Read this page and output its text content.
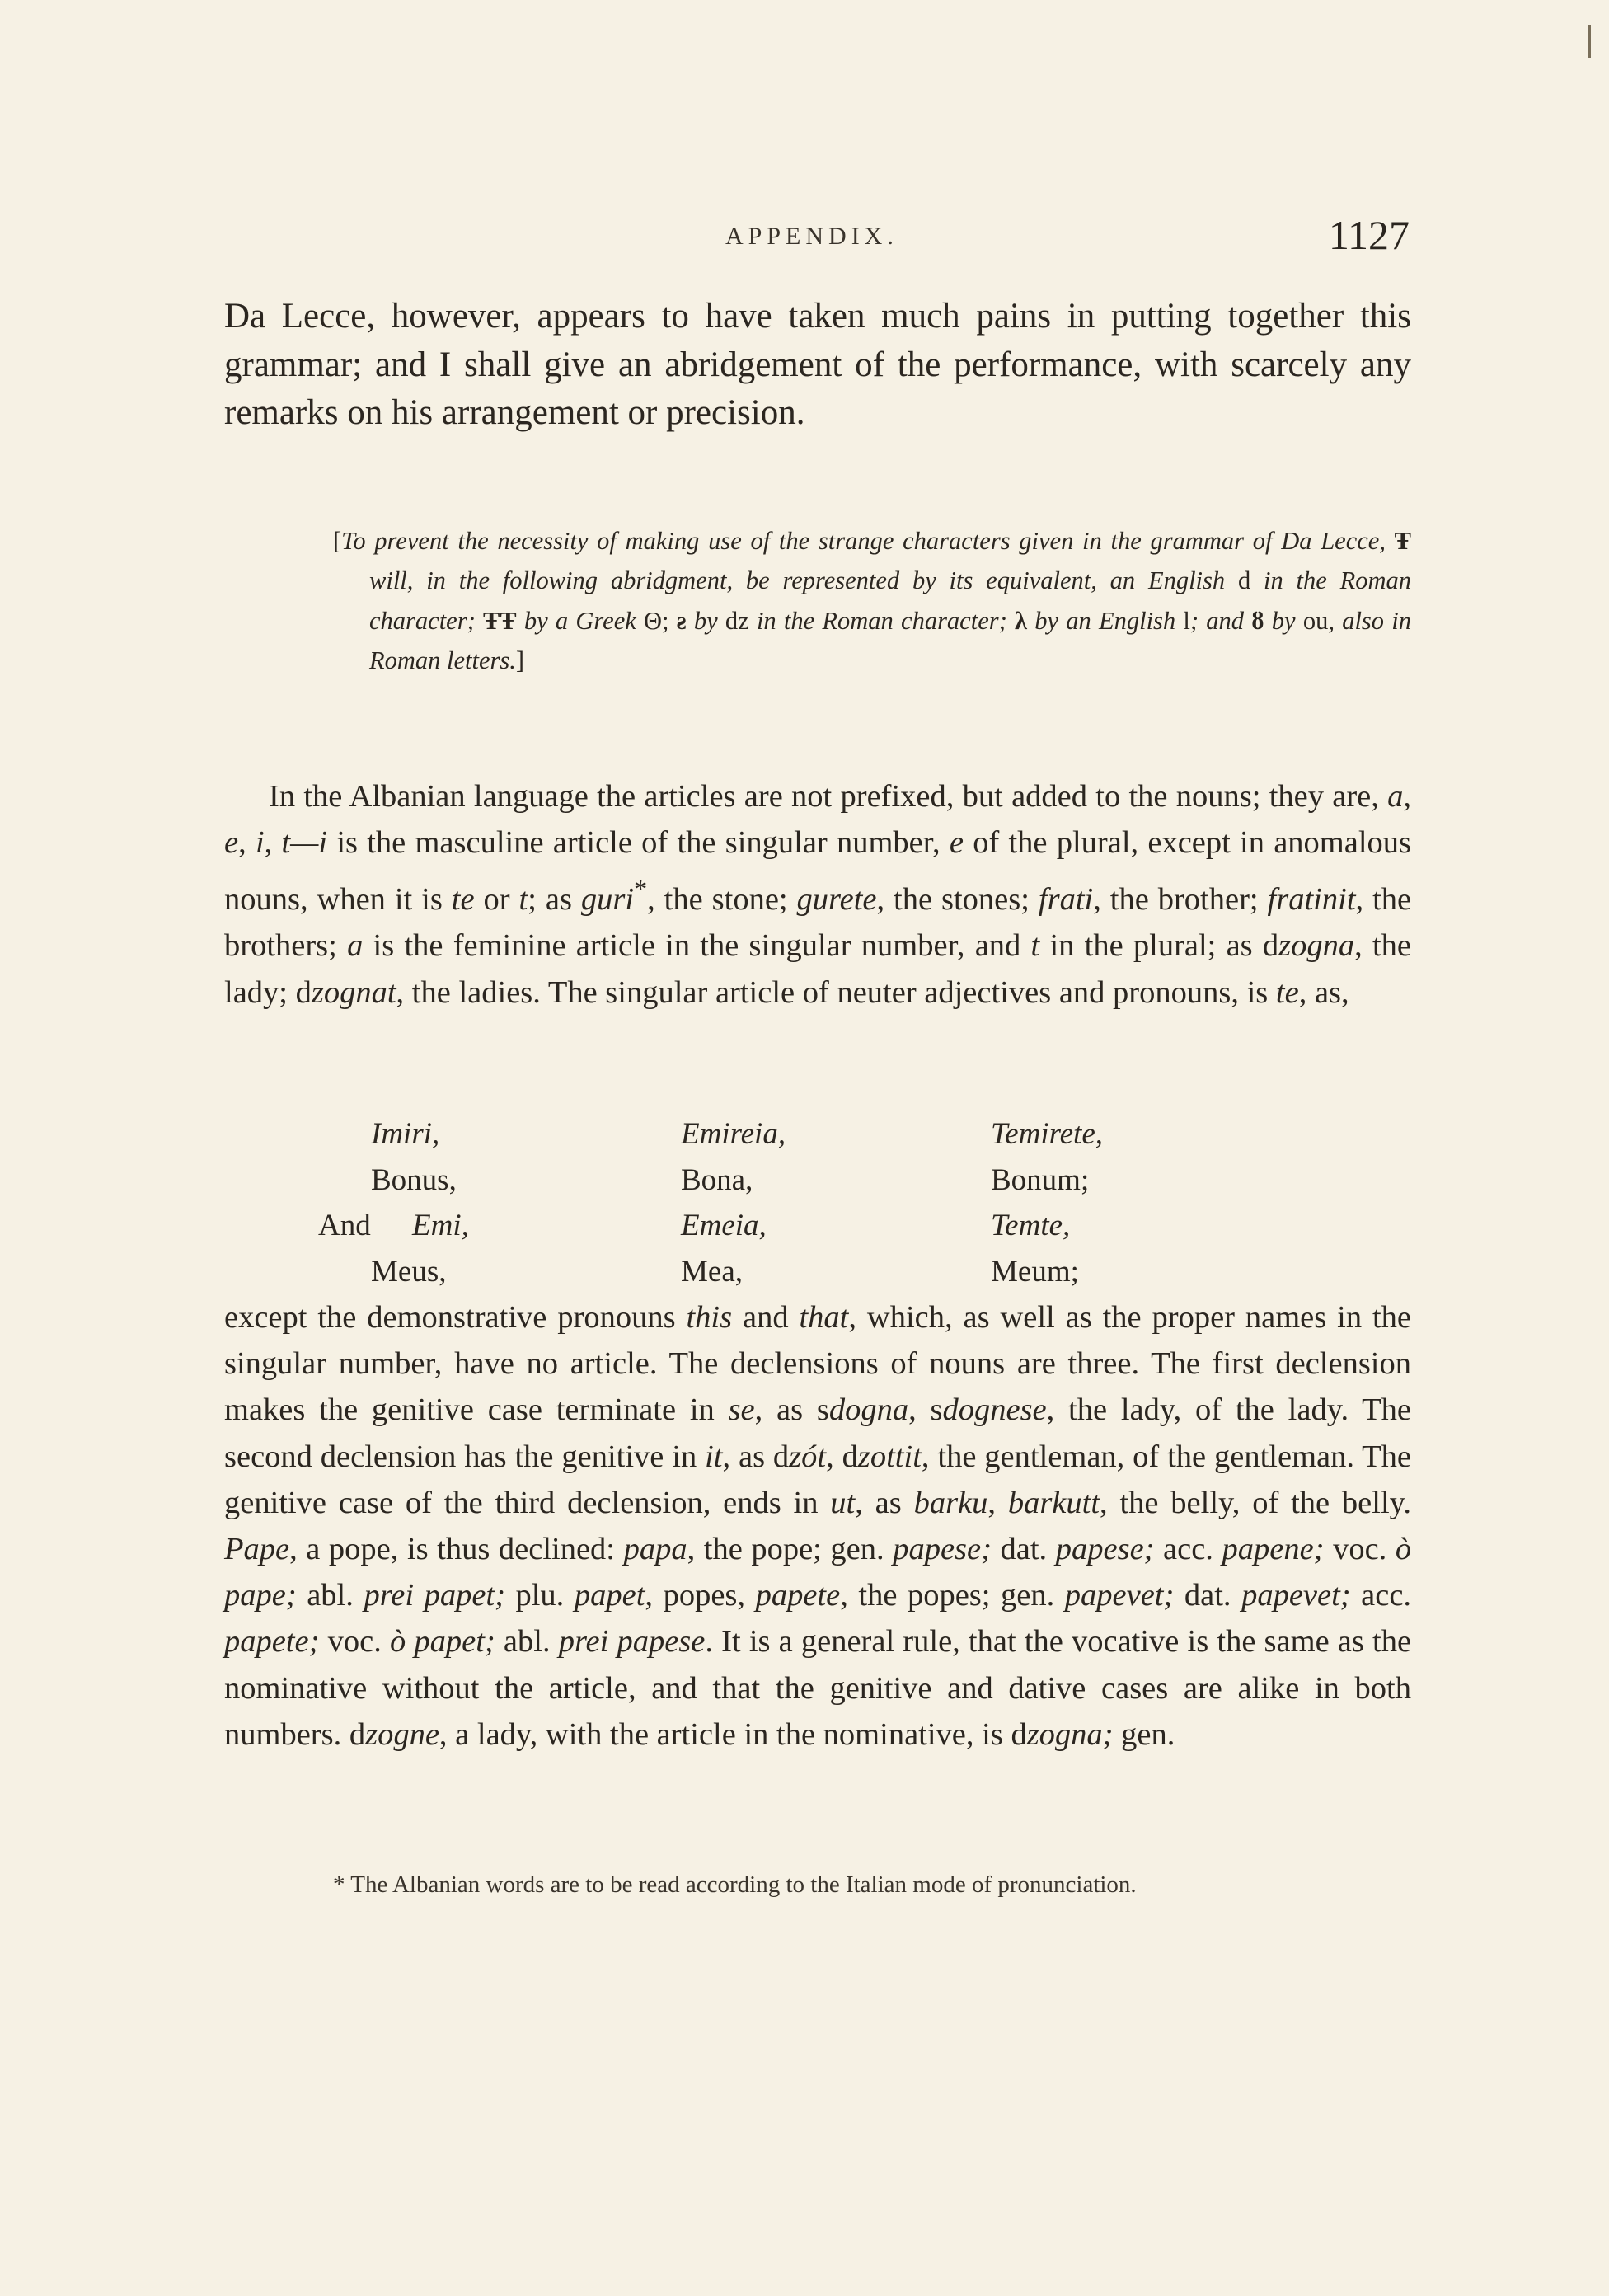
APPENDIX.	1127

Da Lecce, however, appears to have taken much pains in putting together this grammar; and I shall give an abridgement of the performance, with scarcely any remarks on his arrangement or precision.

[To prevent the necessity of making use of the strange characters given in the grammar of Da Lecce, Ŧ will, in the following abridgment, be represented by its equivalent, an English d in the Roman character; ŦŦ by a Greek Θ; ƨ by dz in the Roman character; λ by an English l; and ȣ by ou, also in Roman letters.]

In the Albanian language the articles are not prefixed, but added to the nouns; they are, a, e, i, t—i is the masculine article of the singular number, e of the plural, except in anomalous nouns, when it is te or t; as guri*, the stone; gurete, the stones; frati, the brother; fratinit, the brothers; a is the feminine article in the singular number, and t in the plural; as dzogna, the lady; dzognat, the ladies. The singular article of neuter adjectives and pronouns, is te, as,

Imiri,	Emireia,	Temirete,
Bonus,	Bona,	Bonum;
And Emi,	Emeia,	Temte,
Meus,	Mea,	Meum;

except the demonstrative pronouns this and that, which, as well as the proper names in the singular number, have no article. The declensions of nouns are three. The first declension makes the genitive case terminate in se, as sdogna, sdognese, the lady, of the lady. The second declension has the genitive in it, as dzót, dzottit, the gentleman, of the gentleman. The genitive case of the third declension, ends in ut, as barku, barkutt, the belly, of the belly. Pape, a pope, is thus declined: papa, the pope; gen. papese; dat. papese; acc. papene; voc. ò pape; abl. prei papet; plu. papet, popes, papete, the popes; gen. papevet; dat. papevet; acc. papete; voc. ò papet; abl. prei papese. It is a general rule, that the vocative is the same as the nominative without the article, and that the genitive and dative cases are alike in both numbers. dzogne, a lady, with the article in the nominative, is dzogna; gen.

* The Albanian words are to be read according to the Italian mode of pronunciation.
